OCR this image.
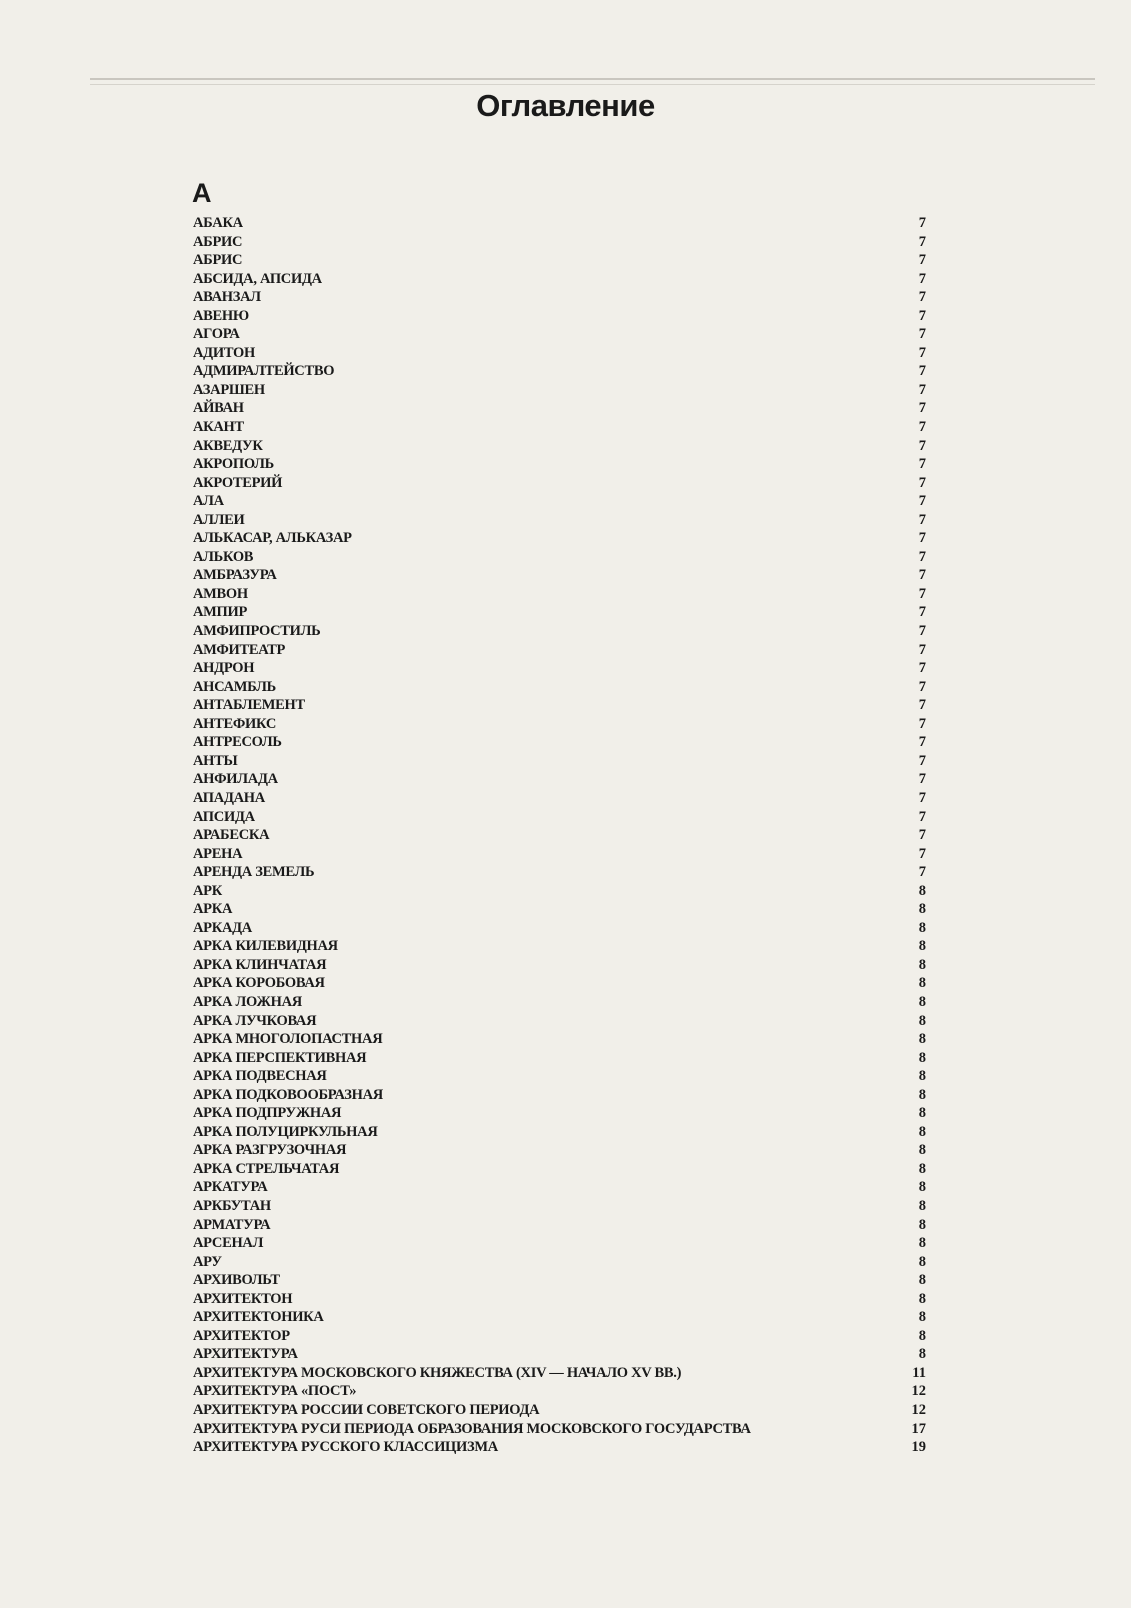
Оглавление
А
АБАКА	7
АБРИС	7
АБРИС	7
АБСИДА, АПСИДА	7
АВАНЗАЛ	7
АВЕНЮ	7
АГОРА	7
АДИТОН	7
АДМИРАЛТЕЙСТВО	7
АЗАРШЕН	7
АЙВАН	7
АКАНТ	7
АКВЕДУК	7
АКРОПОЛЬ	7
АКРОТЕРИЙ	7
АЛА	7
АЛЛЕИ	7
АЛЬКАСАР, АЛЬКАЗАР	7
АЛЬКОВ	7
АМБРАЗУРА	7
АМВОН	7
АМПИР	7
АМФИПРОСТИЛЬ	7
АМФИТЕАТР	7
АНДРОН	7
АНСАМБЛЬ	7
АНТАБЛЕМЕНТ	7
АНТЕФИКС	7
АНТРЕСОЛЬ	7
АНТЫ	7
АНФИЛАДА	7
АПАДАНА	7
АПСИДА	7
АРАБЕСКА	7
АРЕНА	7
АРЕНДА ЗЕМЕЛЬ	7
АРК	8
АРКА	8
АРКАДА	8
АРКА КИЛЕВИДНАЯ	8
АРКА КЛИНЧАТАЯ	8
АРКА КОРОБОВАЯ	8
АРКА ЛОЖНАЯ	8
АРКА ЛУЧКОВАЯ	8
АРКА МНОГОЛОПАСТНАЯ	8
АРКА ПЕРСПЕКТИВНАЯ	8
АРКА ПОДВЕСНАЯ	8
АРКА ПОДКОВООБРАЗНАЯ	8
АРКА ПОДПРУЖНАЯ	8
АРКА ПОЛУЦИРКУЛЬНАЯ	8
АРКА РАЗГРУЗОЧНАЯ	8
АРКА СТРЕЛЬЧАТАЯ	8
АРКАТУРА	8
АРКБУТАН	8
АРМАТУРА	8
АРСЕНАЛ	8
АРУ	8
АРХИВОЛЬТ	8
АРХИТЕКТОН	8
АРХИТЕКТОНИКА	8
АРХИТЕКТОР	8
АРХИТЕКТУРА	8
АРХИТЕКТУРА МОСКОВСКОГО КНЯЖЕСТВА (XIV — НАЧАЛО XV ВВ.)	11
АРХИТЕКТУРА «ПОСТ»	12
АРХИТЕКТУРА РОССИИ СОВЕТСКОГО ПЕРИОДА	12
АРХИТЕКТУРА РУСИ ПЕРИОДА ОБРАЗОВАНИЯ МОСКОВСКОГО ГОСУДАРСТВА	17
АРХИТЕКТУРА РУССКОГО КЛАССИЦИЗМА	19
